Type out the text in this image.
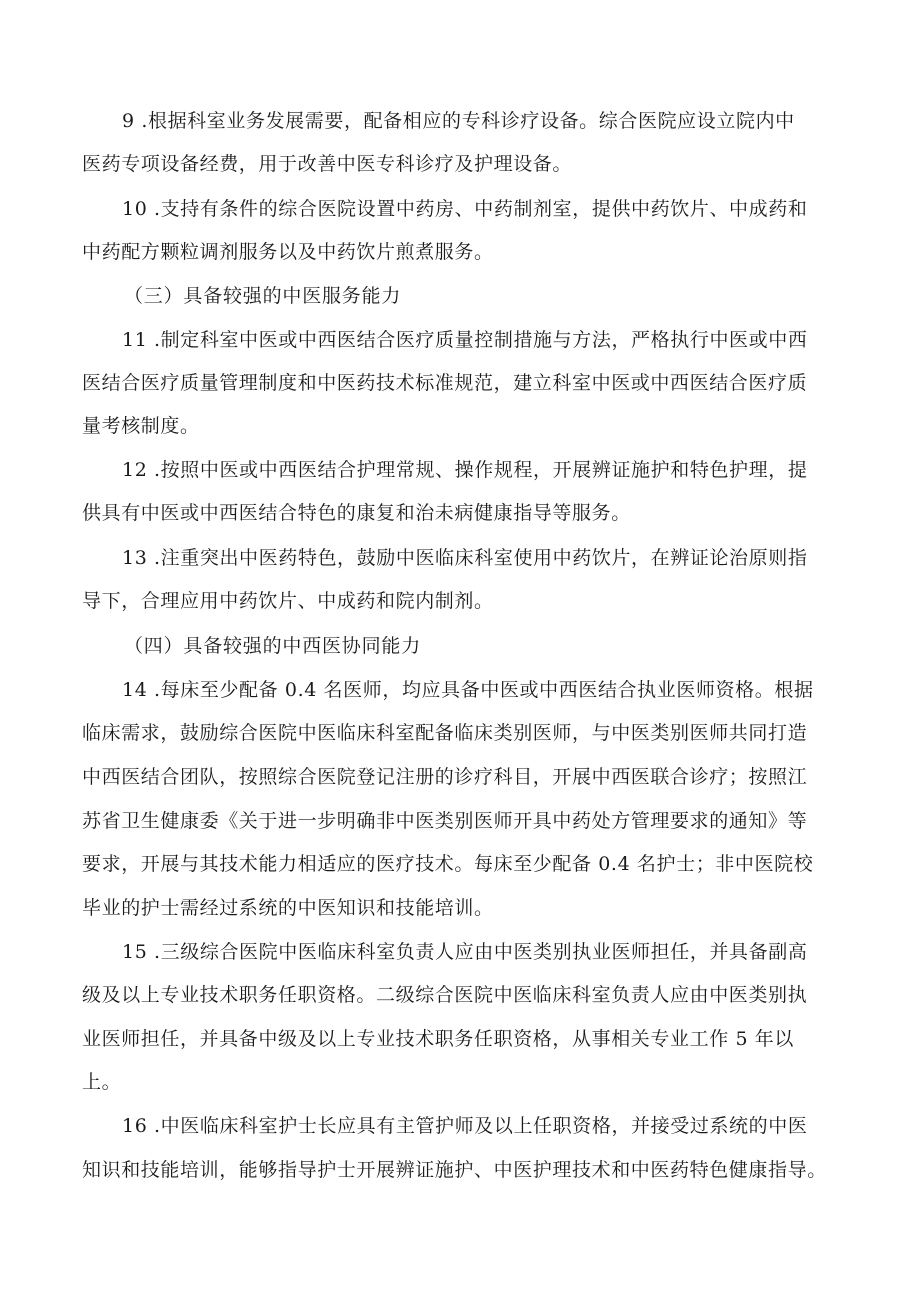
9 .根据科室业务发展需要，配备相应的专科诊疗设备。综合医院应设立院内中

医药专项设备经费，用于改善中医专科诊疗及护理设备。

10 .支持有条件的综合医院设置中药房、中药制剂室，提供中药饮片、中成药和

中药配方颗粒调剂服务以及中药饮片煎煮服务。

（三）具备较强的中医服务能力

11 .制定科室中医或中西医结合医疗质量控制措施与方法，严格执行中医或中西

医结合医疗质量管理制度和中医药技术标准规范，建立科室中医或中西医结合医疗质

量考核制度。

12 .按照中医或中西医结合护理常规、操作规程，开展辨证施护和特色护理，提

供具有中医或中西医结合特色的康复和治未病健康指导等服务。

13 .注重突出中医药特色，鼓励中医临床科室使用中药饮片，在辨证论治原则指

导下，合理应用中药饮片、中成药和院内制剂。

（四）具备较强的中西医协同能力

14 .每床至少配备 0.4 名医师，均应具备中医或中西医结合执业医师资格。根据

临床需求，鼓励综合医院中医临床科室配备临床类别医师，与中医类别医师共同打造

中西医结合团队，按照综合医院登记注册的诊疗科目，开展中西医联合诊疗；按照江

苏省卫生健康委《关于进一步明确非中医类别医师开具中药处方管理要求的通知》等

要求，开展与其技术能力相适应的医疗技术。每床至少配备 0.4 名护士；非中医院校

毕业的护士需经过系统的中医知识和技能培训。

15 .三级综合医院中医临床科室负责人应由中医类别执业医师担任，并具备副高

级及以上专业技术职务任职资格。二级综合医院中医临床科室负责人应由中医类别执

业医师担任，并具备中级及以上专业技术职务任职资格，从事相关专业工作 5 年以

上。

16 .中医临床科室护士长应具有主管护师及以上任职资格，并接受过系统的中医

知识和技能培训，能够指导护士开展辨证施护、中医护理技术和中医药特色健康指导。
